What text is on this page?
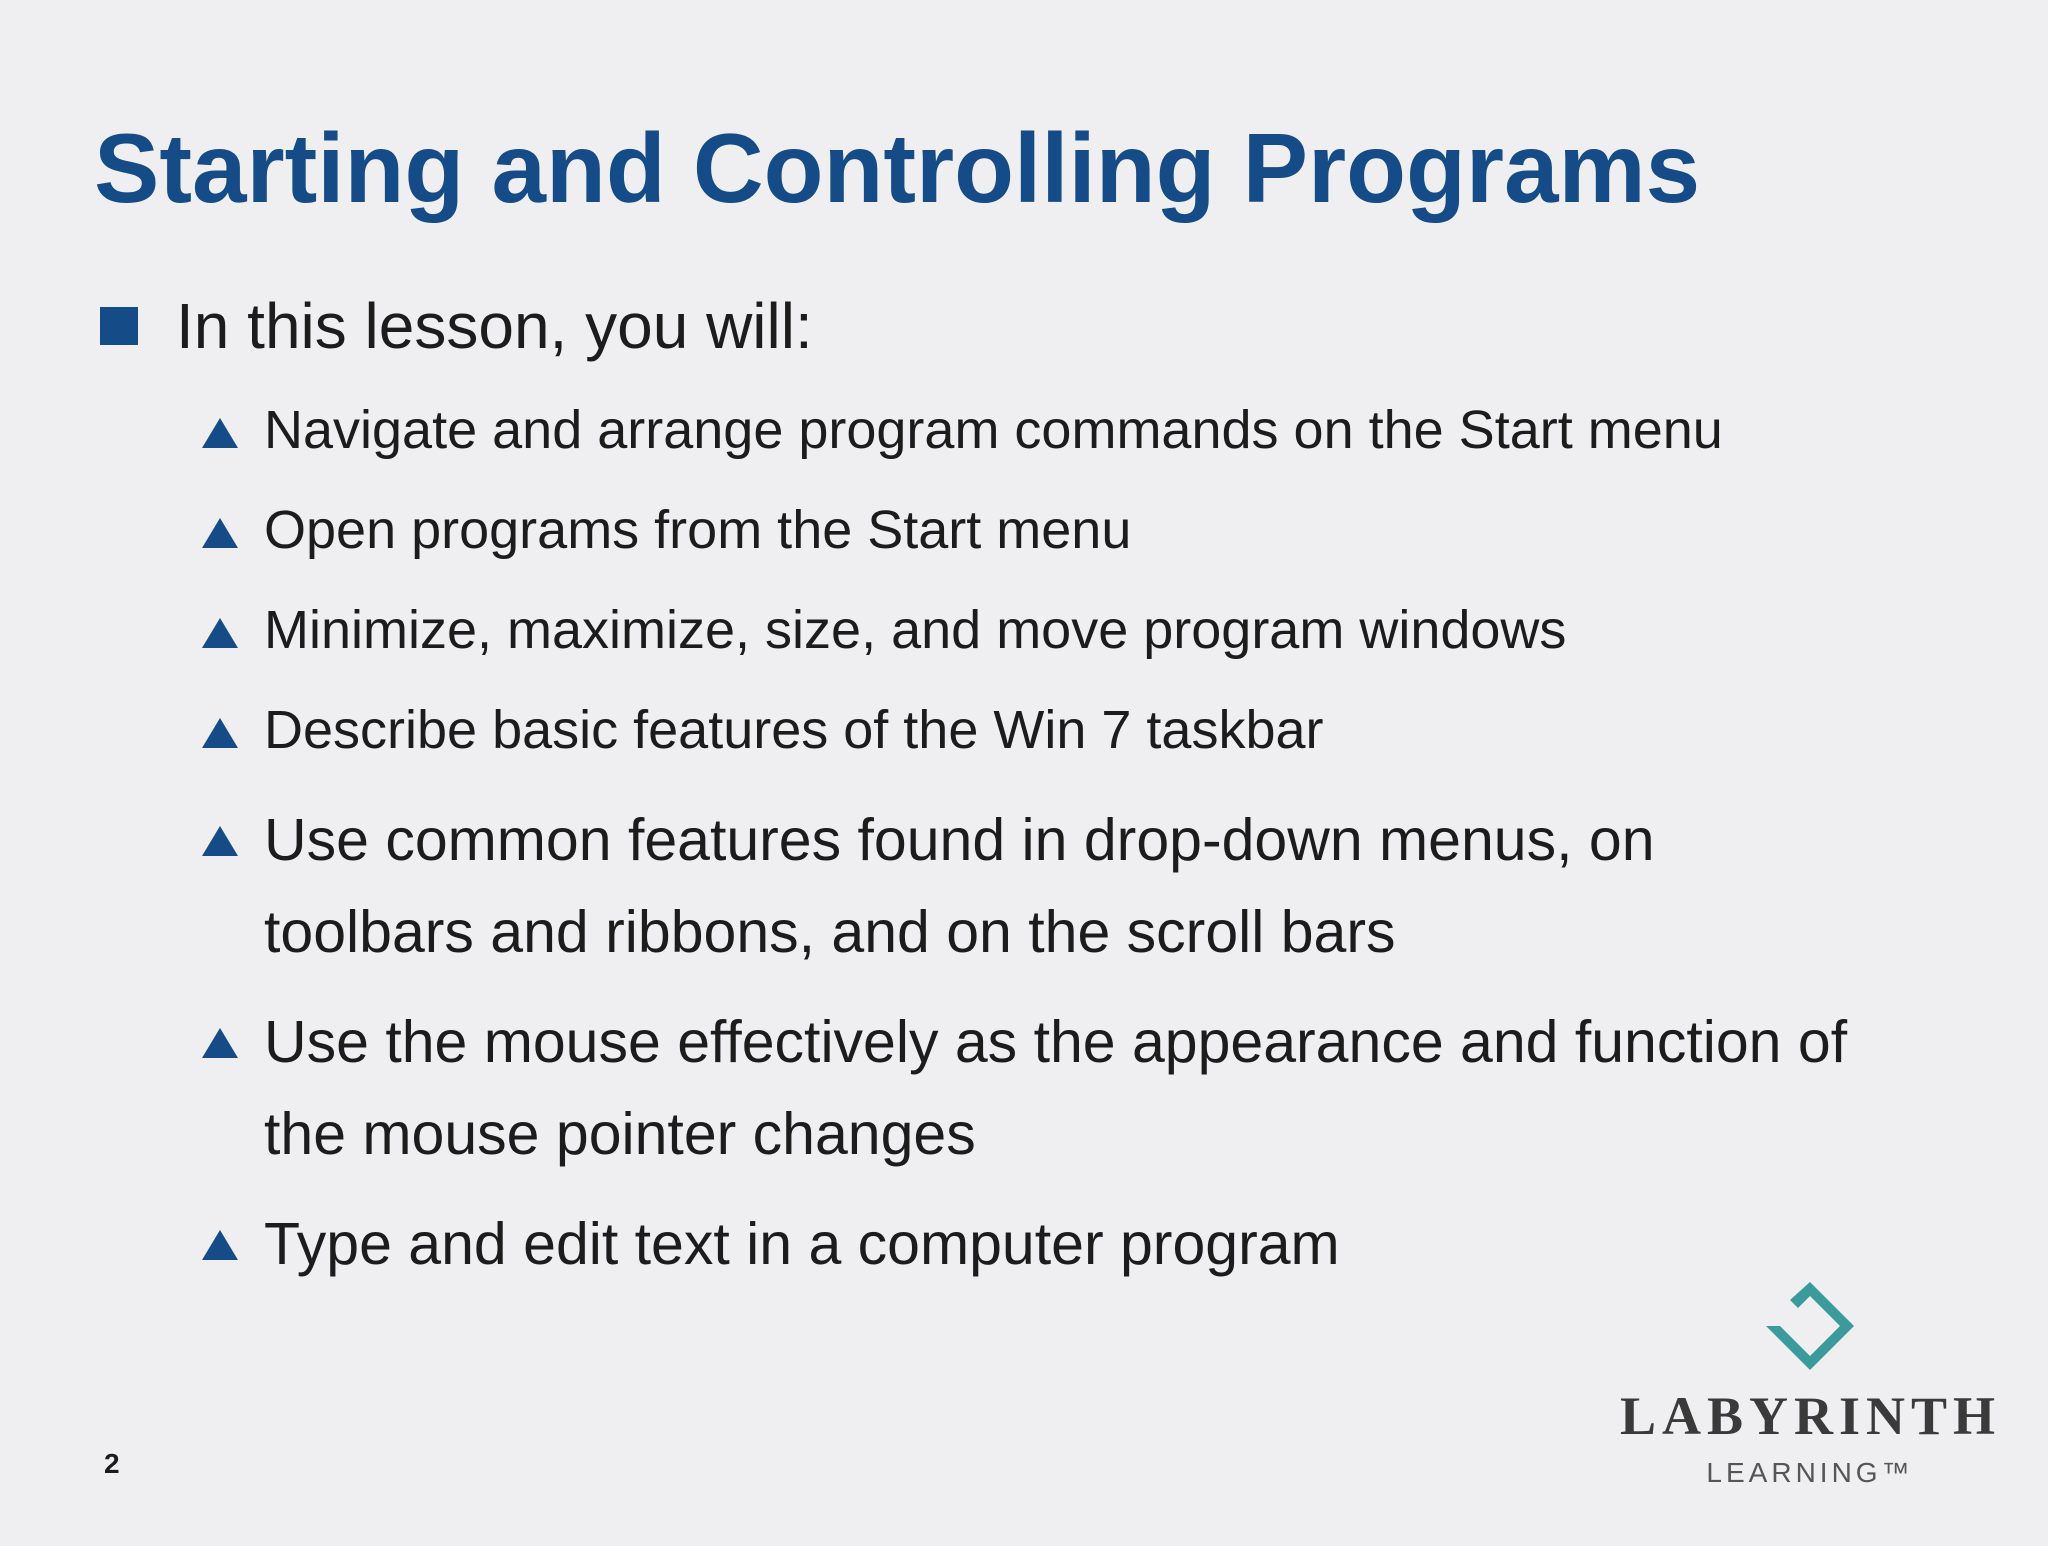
Starting and Controlling Programs
In this lesson, you will:
Navigate and arrange program commands on the Start menu
Open programs from the Start menu
Minimize, maximize, size, and move program windows
Describe basic features of the Win 7 taskbar
Use common features found in drop-down menus, on
toolbars and ribbons, and on the scroll bars
Use the mouse effectively as the appearance and function of
the mouse pointer changes
Type and edit text in a computer program
2
LABYRINTH
LEARNING™
